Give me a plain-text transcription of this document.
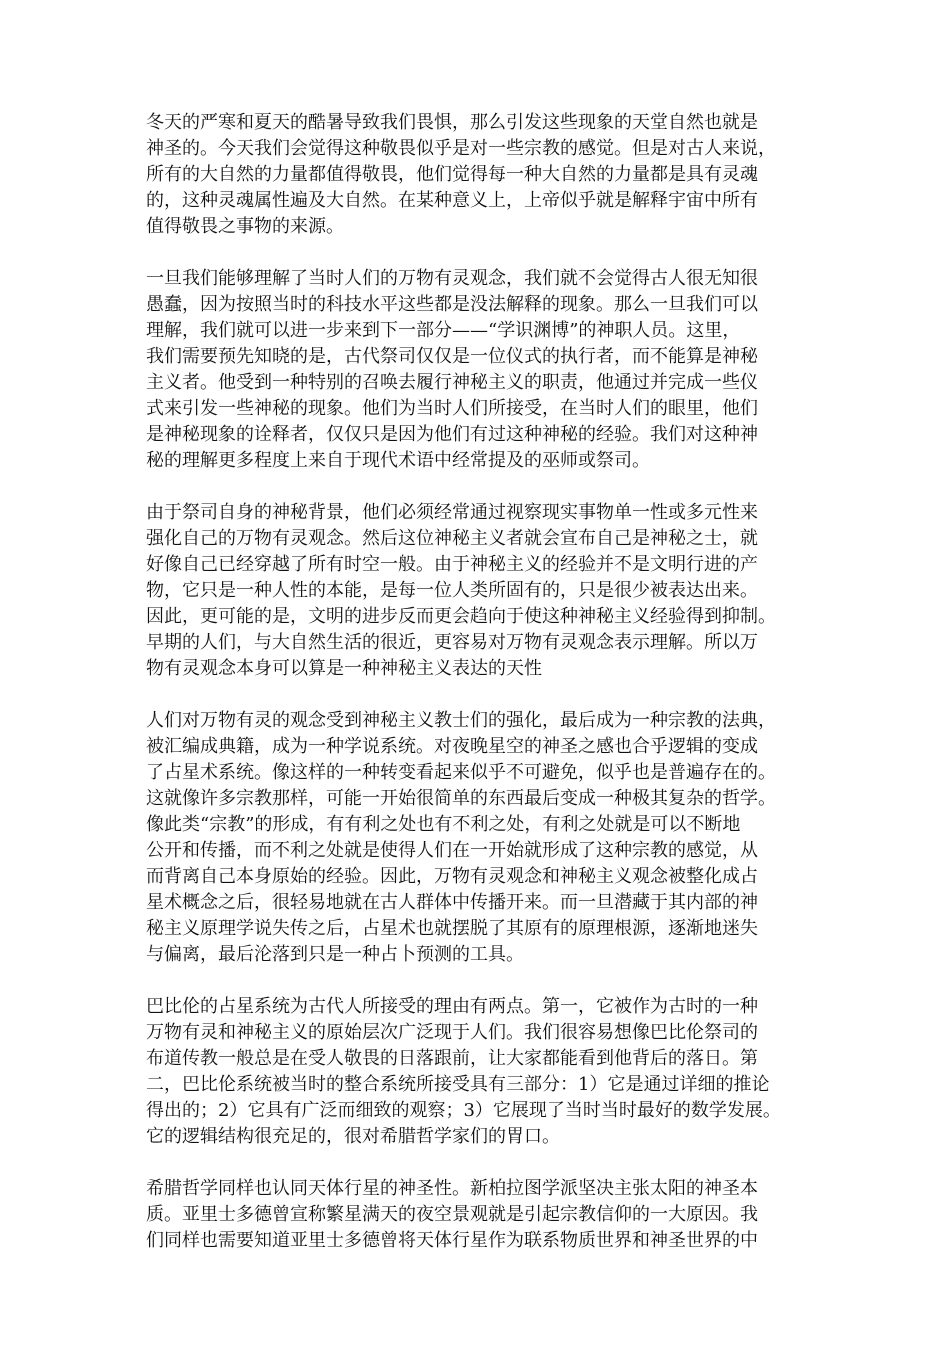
冬天的严寒和夏天的酷暑导致我们畏惧，那么引发这些现象的天堂自然也就是
神圣的。今天我们会觉得这种敬畏似乎是对一些宗教的感觉。但是对古人来说，
所有的大自然的力量都值得敬畏，他们觉得每一种大自然的力量都是具有灵魂
的，这种灵魂属性遍及大自然。在某种意义上，上帝似乎就是解释宇宙中所有
值得敬畏之事物的来源。
一旦我们能够理解了当时人们的万物有灵观念，我们就不会觉得古人很无知很
愚蠢，因为按照当时的科技水平这些都是没法解释的现象。那么一旦我们可以
理解，我们就可以进一步来到下一部分——“学识渊博”的神职人员。这里，
我们需要预先知晓的是，古代祭司仅仅是一位仪式的执行者，而不能算是神秘
主义者。他受到一种特别的召唤去履行神秘主义的职责，他通过并完成一些仪
式来引发一些神秘的现象。他们为当时人们所接受，在当时人们的眼里，他们
是神秘现象的诠释者，仅仅只是因为他们有过这种神秘的经验。我们对这种神
秘的理解更多程度上来自于现代术语中经常提及的巫师或祭司。
由于祭司自身的神秘背景，他们必须经常通过视察现实事物单一性或多元性来
强化自己的万物有灵观念。然后这位神秘主义者就会宣布自己是神秘之士，就
好像自己已经穿越了所有时空一般。由于神秘主义的经验并不是文明行进的产
物，它只是一种人性的本能，是每一位人类所固有的，只是很少被表达出来。
因此，更可能的是，文明的进步反而更会趋向于使这种神秘主义经验得到抑制。
早期的人们，与大自然生活的很近，更容易对万物有灵观念表示理解。所以万
物有灵观念本身可以算是一种神秘主义表达的天性
人们对万物有灵的观念受到神秘主义教士们的强化，最后成为一种宗教的法典，
被汇编成典籍，成为一种学说系统。对夜晚星空的神圣之感也合乎逻辑的变成
了占星术系统。像这样的一种转变看起来似乎不可避免，似乎也是普遍存在的。
这就像许多宗教那样，可能一开始很简单的东西最后变成一种极其复杂的哲学。
像此类“宗教”的形成，有有利之处也有不利之处，有利之处就是可以不断地
公开和传播，而不利之处就是使得人们在一开始就形成了这种宗教的感觉，从
而背离自己本身原始的经验。因此，万物有灵观念和神秘主义观念被整化成占
星术概念之后，很轻易地就在古人群体中传播开来。而一旦潜藏于其内部的神
秘主义原理学说失传之后，占星术也就摆脱了其原有的原理根源，逐渐地迷失
与偏离，最后沦落到只是一种占卜预测的工具。
巴比伦的占星系统为古代人所接受的理由有两点。第一，它被作为古时的一种
万物有灵和神秘主义的原始层次广泛现于人们。我们很容易想像巴比伦祭司的
布道传教一般总是在受人敬畏的日落跟前，让大家都能看到他背后的落日。第
二，巴比伦系统被当时的整合系统所接受具有三部分：1）它是通过详细的推论
得出的；2）它具有广泛而细致的观察；3）它展现了当时当时最好的数学发展。
它的逻辑结构很充足的，很对希腊哲学家们的胃口。
希腊哲学同样也认同天体行星的神圣性。新柏拉图学派坚决主张太阳的神圣本
质。亚里士多德曾宣称繁星满天的夜空景观就是引起宗教信仰的一大原因。我
们同样也需要知道亚里士多德曾将天体行星作为联系物质世界和神圣世界的中
